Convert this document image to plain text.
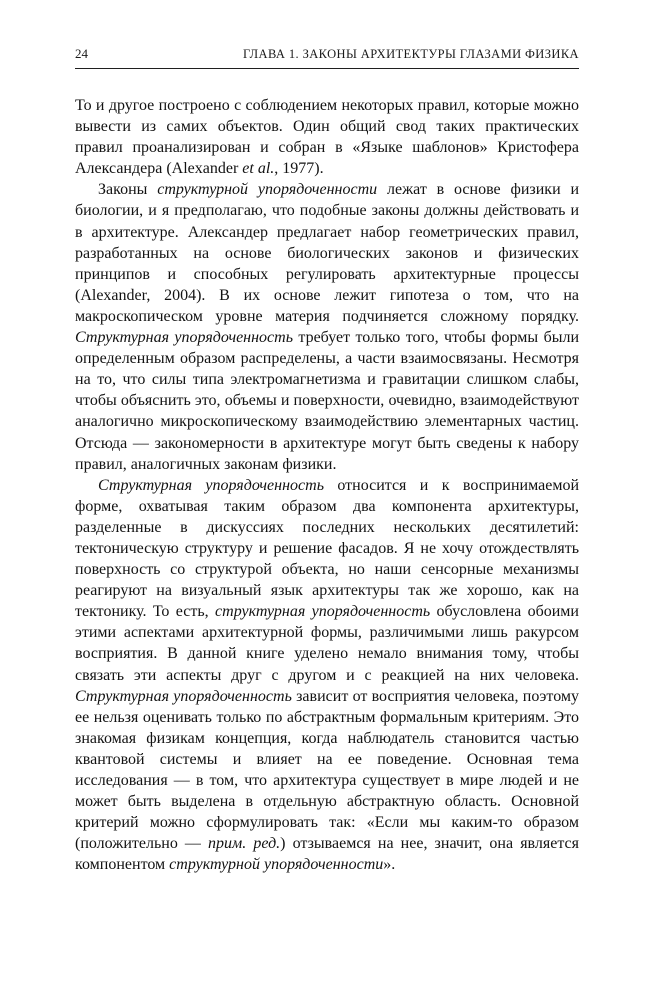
24	ГЛАВА 1. ЗАКОНЫ АРХИТЕКТУРЫ ГЛАЗАМИ ФИЗИКА

То и другое построено с соблюдением некоторых правил, которые можно вывести из самих объектов. Один общий свод таких практических правил проанализирован и собран в «Языке шаблонов» Кристофера Александера (Alexander et al., 1977).

Законы структурной упорядоченности лежат в основе физики и биологии, и я предполагаю, что подобные законы должны действовать и в архитектуре. Александер предлагает набор геометрических правил, разработанных на основе биологических законов и физических принципов и способных регулировать архитектурные процессы (Alexander, 2004). В их основе лежит гипотеза о том, что на макроскопическом уровне материя подчиняется сложному порядку. Структурная упорядоченность требует только того, чтобы формы были определенным образом распределены, а части взаимосвязаны. Несмотря на то, что силы типа электромагнетизма и гравитации слишком слабы, чтобы объяснить это, объемы и поверхности, очевидно, взаимодействуют аналогично микроскопическому взаимодействию элементарных частиц. Отсюда — закономерности в архитектуре могут быть сведены к набору правил, аналогичных законам физики.

Структурная упорядоченность относится и к воспринимаемой форме, охватывая таким образом два компонента архитектуры, разделенные в дискуссиях последних нескольких десятилетий: тектоническую структуру и решение фасадов. Я не хочу отождествлять поверхность со структурой объекта, но наши сенсорные механизмы реагируют на визуальный язык архитектуры так же хорошо, как на тектонику. То есть, структурная упорядоченность обусловлена обоими этими аспектами архитектурной формы, различимыми лишь ракурсом восприятия. В данной книге уделено немало внимания тому, чтобы связать эти аспекты друг с другом и с реакцией на них человека. Структурная упорядоченность зависит от восприятия человека, поэтому ее нельзя оценивать только по абстрактным формальным критериям. Это знакомая физикам концепция, когда наблюдатель становится частью квантовой системы и влияет на ее поведение. Основная тема исследования — в том, что архитектура существует в мире людей и не может быть выделена в отдельную абстрактную область. Основной критерий можно сформулировать так: «Если мы каким-то образом (положительно — прим. ред.) отзываемся на нее, значит, она является компонентом структурной упорядоченности».
